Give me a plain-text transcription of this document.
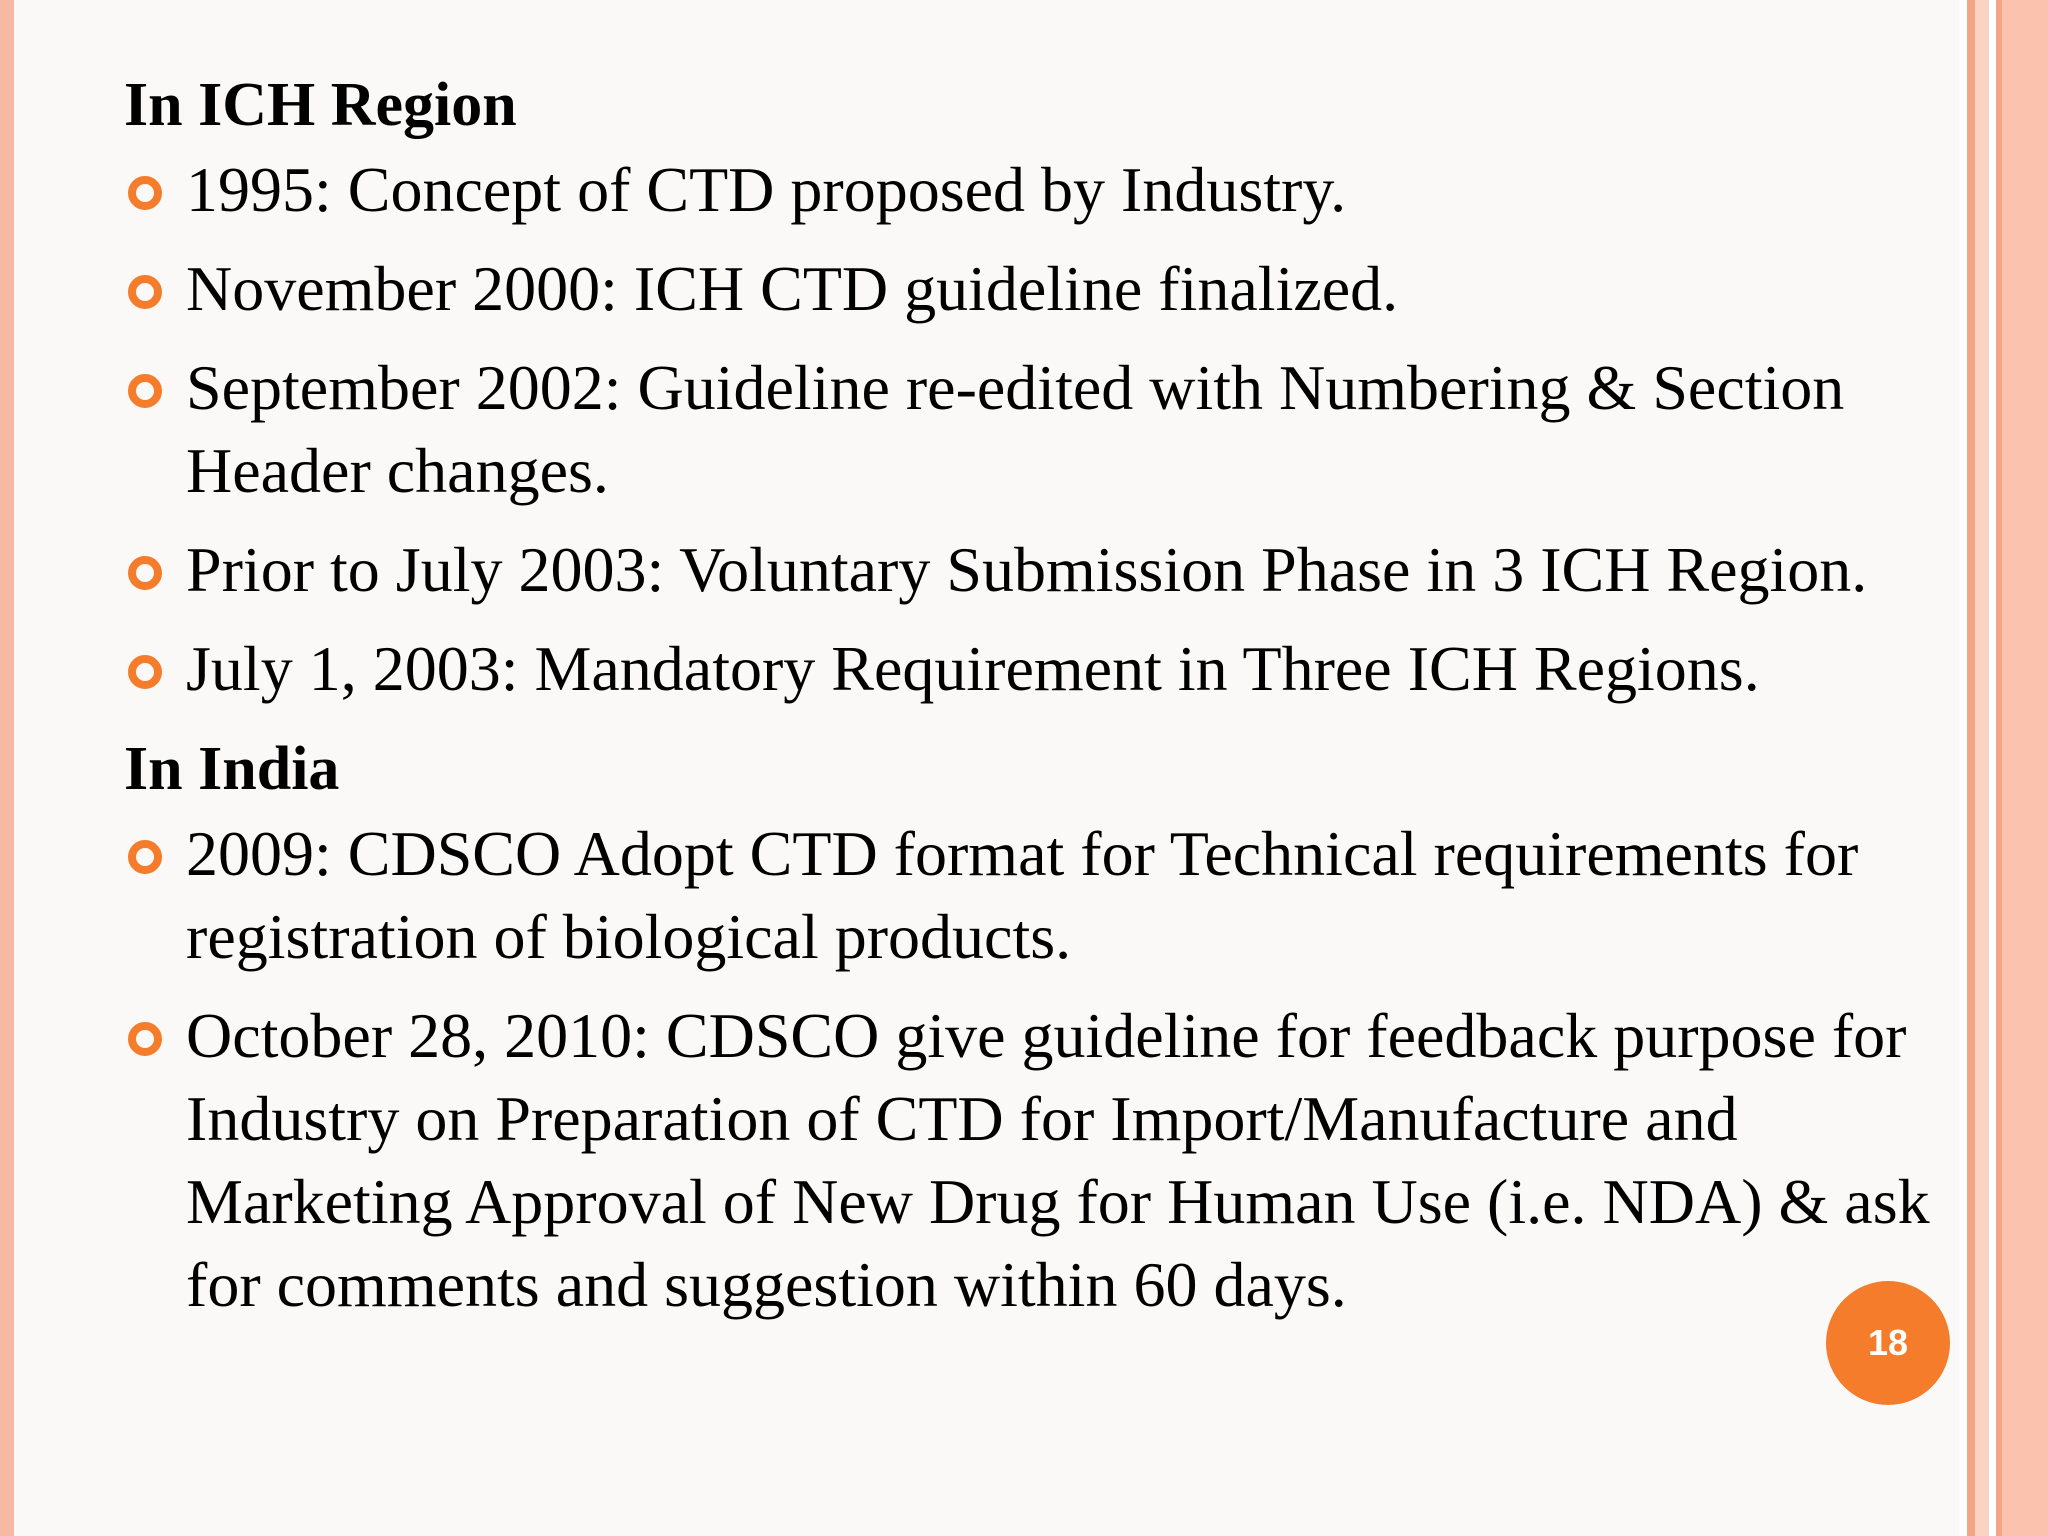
In ICH Region

1995: Concept of CTD proposed by Industry.
November 2000: ICH CTD guideline finalized.
September 2002: Guideline re-edited with Numbering & Section Header changes.
Prior to July 2003: Voluntary Submission Phase in 3 ICH Region.
July 1, 2003: Mandatory Requirement in Three ICH Regions.

In India

2009: CDSCO Adopt CTD format for Technical requirements for registration of biological products.
October 28, 2010: CDSCO give guideline for feedback purpose for Industry on Preparation of CTD for Import/Manufacture and Marketing Approval of New Drug for Human Use (i.e. NDA) & ask for comments and suggestion within 60 days.
18
